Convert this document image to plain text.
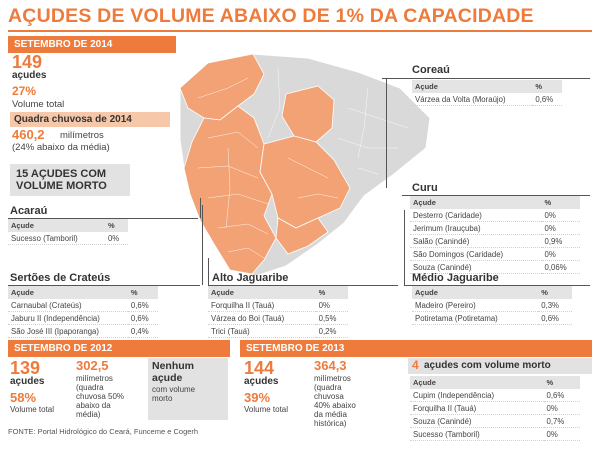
AÇUDES DE VOLUME ABAIXO DE 1% DA CAPACIDADE
SETEMBRO DE 2014
149
açudes
27%
Volume total
Quadra chuvosa de 2014
460,2 milímetros
(24% abaixo da média)
15 AÇUDES COM VOLUME MORTO
Coreaú
Açude	%
Várzea da Volta (Moraújo)	0,6%
Curu
Açude	%
Desterro (Caridade)	0%
Jerimum (Irauçuba)	0%
Salão (Canindé)	0,9%
São Domingos (Caridade)	0%
Souza (Canindé)	0,06%
Acaraú
Açude	%
Sucesso (Tamboril)	0%
Sertões de Crateús
Açude	%
Carnaubal (Crateús)	0,6%
Jaburu II (Independência)	0,6%
São José III (Ipaporanga)	0,4%
Alto Jaguaribe
Açude	%
Forquilha II (Tauá)	0%
Várzea do Boi (Tauá)	0,5%
Trici (Tauá)	0,2%
Médio Jaguaribe
Açude	%
Madeiro (Pereiro)	0,3%
Potiretama (Potiretama)	0,6%
SETEMBRO DE 2012
139
açudes
58%
Volume total
302,5
milímetros
(quadra
chuvosa 50%
abaixo da
média)
Nenhum
açude
com volume
morto
SETEMBRO DE 2013
144
açudes
39%
Volume total
364,3
milímetros
(quadra
chuvosa
40% abaixo
da média
histórica)
4 açudes com volume morto
Açude	%
Cupim (Independência)	0,6%
Forquilha II (Tauá)	0%
Souza (Canindé)	0,7%
Sucesso (Tamboril)	0%
FONTE: Portal Hidrológico do Ceará, Funceme e Cogerh
